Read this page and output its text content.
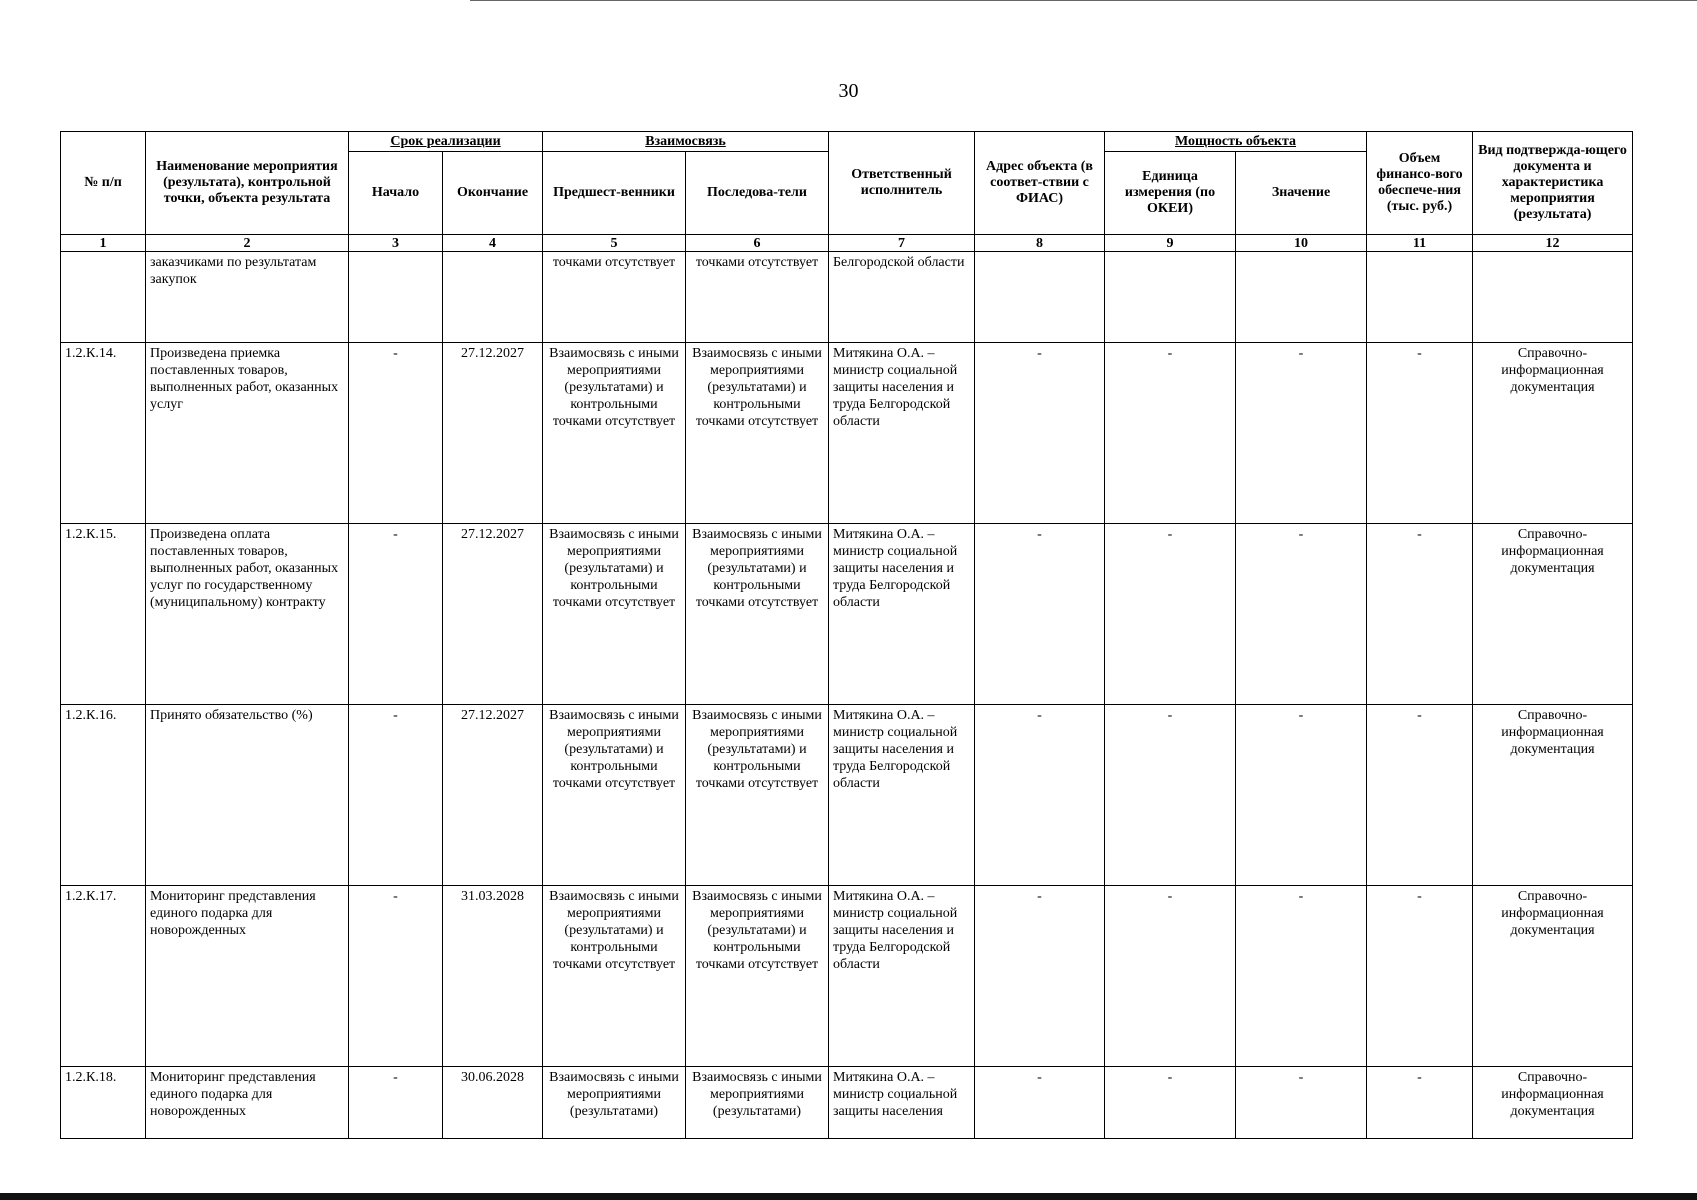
30
№ п/п	Наименование мероприятия (результата), контрольной точки, объекта результата	Срок реализации		Взаимосвязь		Ответственный исполнитель	Адрес объекта (в соответ-ствии с ФИАС)	Мощность объекта		Объем финансо-вого обеспече-ния (тыс. руб.)	Вид подтвержда-ющего документа и характеристика мероприятия (результата)
		Начало	Окончание	Предшест-венники	Последова-тели			Единица измерения (по ОКЕИ)	Значение		
1	2	3	4	5	6	7	8	9	10	11	12
	заказчиками по результатам закупок			точками отсутствует	точками отсутствует	Белгородской области					
1.2.К.14.	Произведена приемка поставленных товаров, выполненных работ, оказанных услуг	-	27.12.2027	Взаимосвязь с иными мероприятиями (результатами) и контрольными точками отсутствует	Взаимосвязь с иными мероприятиями (результатами) и контрольными точками отсутствует	Митякина О.А. – министр социальной защиты населения и труда Белгородской области	-	-	-	-	Справочно-информационная документация
1.2.К.15.	Произведена оплата поставленных товаров, выполненных работ, оказанных услуг по государственному (муниципальному) контракту	-	27.12.2027	Взаимосвязь с иными мероприятиями (результатами) и контрольными точками отсутствует	Взаимосвязь с иными мероприятиями (результатами) и контрольными точками отсутствует	Митякина О.А. – министр социальной защиты населения и труда Белгородской области	-	-	-	-	Справочно-информационная документация
1.2.К.16.	Принято обязательство (%)	-	27.12.2027	Взаимосвязь с иными мероприятиями (результатами) и контрольными точками отсутствует	Взаимосвязь с иными мероприятиями (результатами) и контрольными точками отсутствует	Митякина О.А. – министр социальной защиты населения и труда Белгородской области	-	-	-	-	Справочно-информационная документация
1.2.К.17.	Мониторинг представления единого подарка для новорожденных	-	31.03.2028	Взаимосвязь с иными мероприятиями (результатами) и контрольными точками отсутствует	Взаимосвязь с иными мероприятиями (результатами) и контрольными точками отсутствует	Митякина О.А. – министр социальной защиты населения и труда Белгородской области	-	-	-	-	Справочно-информационная документация
1.2.К.18.	Мониторинг представления единого подарка для новорожденных	-	30.06.2028	Взаимосвязь с иными мероприятиями (результатами)	Взаимосвязь с иными мероприятиями (результатами)	Митякина О.А. – министр социальной защиты населения	-	-	-	-	Справочно-информационная документация
